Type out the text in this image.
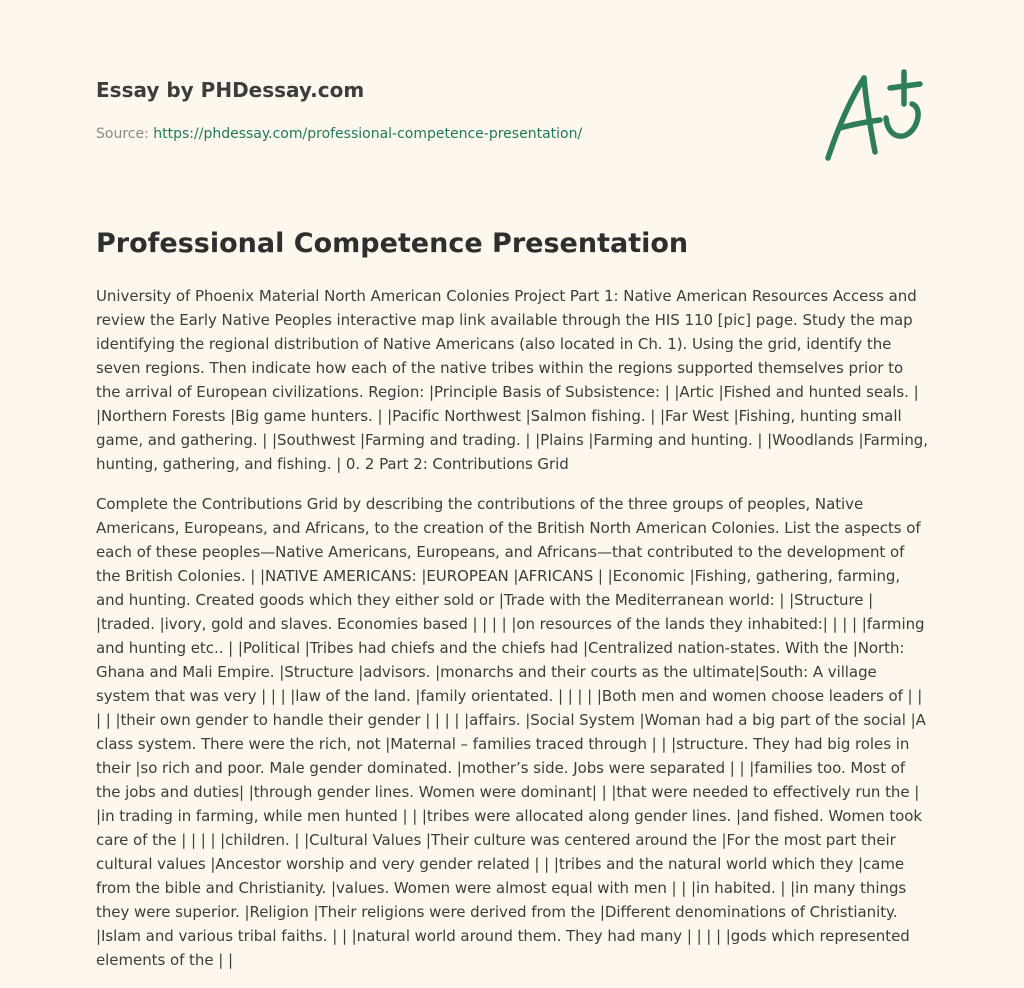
Essay by PHDessay.com
Source: https://phdessay.com/professional-competence-presentation/
Professional Competence Presentation

University of Phoenix Material North American Colonies Project Part 1: Native American Resources Access and review the Early Native Peoples interactive map link available through the HIS 110 [pic] page. Study the map identifying the regional distribution of Native Americans (also located in Ch. 1). Using the grid, identify the seven regions. Then indicate how each of the native tribes within the regions supported themselves prior to the arrival of European civilizations. Region: |Principle Basis of Subsistence: | |Artic |Fished and hunted seals. | |Northern Forests |Big game hunters. | |Pacific Northwest |Salmon fishing. | |Far West |Fishing, hunting small game, and gathering. | |Southwest |Farming and trading. | |Plains |Farming and hunting. | |Woodlands |Farming, hunting, gathering, and fishing. | 0. 2 Part 2: Contributions Grid

Complete the Contributions Grid by describing the contributions of the three groups of peoples, Native Americans, Europeans, and Africans, to the creation of the British North American Colonies. List the aspects of each of these peoples—Native Americans, Europeans, and Africans—that contributed to the development of the British Colonies. | |NATIVE AMERICANS: |EUROPEAN |AFRICANS | |Economic |Fishing, gathering, farming, and hunting. Created goods which they either sold or |Trade with the Mediterranean world: | |Structure | |traded. |ivory, gold and slaves. Economies based | | | | |on resources of the lands they inhabited:| | | | |farming and hunting etc.. | |Political |Tribes had chiefs and the chiefs had |Centralized nation-states. With the |North: Ghana and Mali Empire. |Structure |advisors. |monarchs and their courts as the ultimate|South: A village system that was very | | | |law of the land. |family orientated. | | | | |Both men and women choose leaders of | | | | |their own gender to handle their gender | | | | |affairs. |Social System |Woman had a big part of the social |A class system. There were the rich, not |Maternal – families traced through | | |structure. They had big roles in their |so rich and poor. Male gender dominated. |mother’s side. Jobs were separated | | |families too. Most of the jobs and duties| |through gender lines. Women were dominant| | |that were needed to effectively run the | |in trading in farming, while men hunted | | |tribes were allocated along gender lines. |and fished. Women took care of the | | | | |children. | |Cultural Values |Their culture was centered around the |For the most part their cultural values |Ancestor worship and very gender related | | |tribes and the natural world which they |came from the bible and Christianity. |values. Women were almost equal with men | | |in habited. | |in many things they were superior. |Religion |Their religions were derived from the |Different denominations of Christianity. |Islam and various tribal faiths. | | |natural world around them. They had many | | | | |gods which represented elements of the | |
